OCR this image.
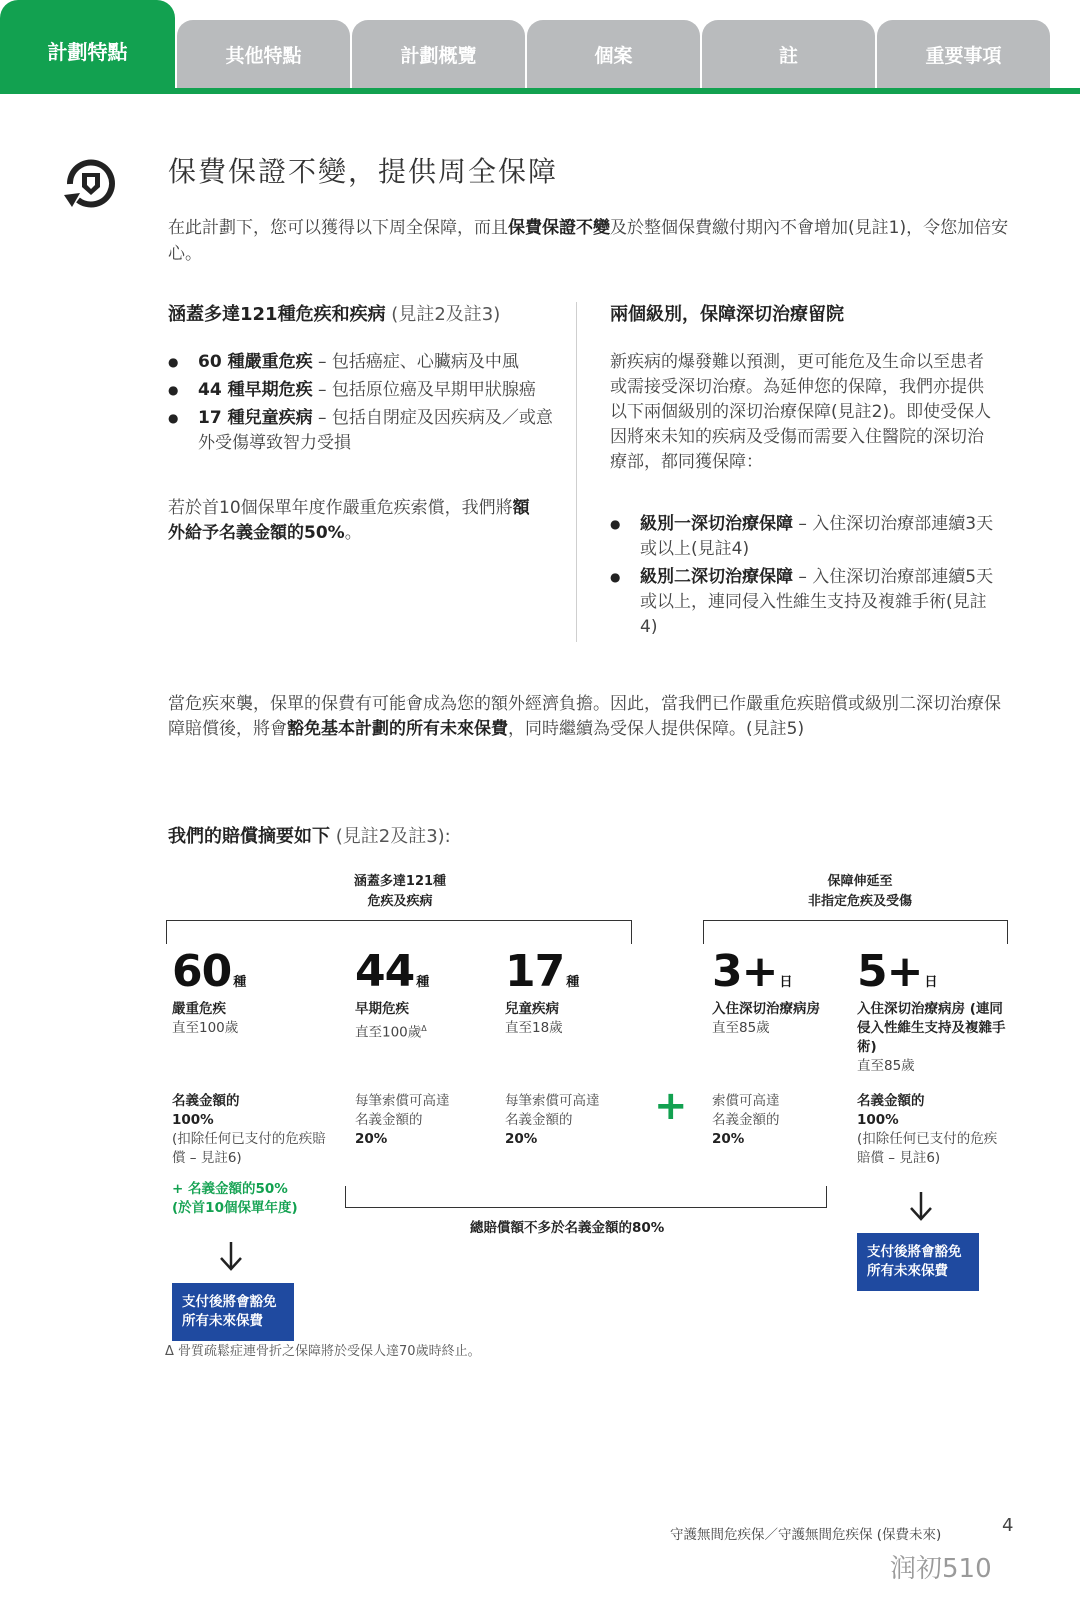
計劃特點	其他特點	計劃概覽	個案	註	重要事項
保費保證不變，提供周全保障
在此計劃下，您可以獲得以下周全保障，而且保費保證不變及於整個保費繳付期內不會增加(見註1)，令您加倍安心。
涵蓋多達121種危疾和疾病 (見註2及註3)
● 60 種嚴重危疾 – 包括癌症、心臟病及中風
● 44 種早期危疾 – 包括原位癌及早期甲狀腺癌
● 17 種兒童疾病 – 包括自閉症及因疾病及／或意外受傷導致智力受損
若於首10個保單年度作嚴重危疾索償，我們將額外給予名義金額的50%。
兩個級別，保障深切治療留院
新疾病的爆發難以預測，更可能危及生命以至患者或需接受深切治療。為延伸您的保障，我們亦提供以下兩個級別的深切治療保障(見註2)。即使受保人因將來未知的疾病及受傷而需要入住醫院的深切治療部，都同獲保障：
● 級別一深切治療保障 – 入住深切治療部連續3天或以上(見註4)
● 級別二深切治療保障 – 入住深切治療部連續5天或以上，連同侵入性維生支持及複雜手術(見註4)
當危疾來襲，保單的保費有可能會成為您的額外經濟負擔。因此，當我們已作嚴重危疾賠償或級別二深切治療保障賠償後，將會豁免基本計劃的所有未來保費，同時繼續為受保人提供保障。(見註5)
我們的賠償摘要如下 (見註2及註3):
涵蓋多達121種
危疾及疾病
保障伸延至
非指定危疾及受傷
60 種
嚴重危疾
直至100歲
44 種
早期危疾
直至100歲$^\Delta$
17 種
兒童疾病
直至18歲
3+ 日
入住深切治療病房
直至85歲
5+ 日
入住深切治療病房 (連同侵入性維生支持及複雜手術)
直至85歲
名義金額的
100%
(扣除任何已支付的危疾賠償 – 見註6)
每筆索償可高達
名義金額的
20%
每筆索償可高達
名義金額的
20%
+ 索償可高達
名義金額的
20%
名義金額的
100%
(扣除任何已支付的危疾賠償 – 見註6)
+ 名義金額的50%
(於首10個保單年度)
總賠償額不多於名義金額的80%
支付後將會豁免
所有未來保費
支付後將會豁免
所有未來保費
Δ 骨質疏鬆症連骨折之保障將於受保人達70歲時終止。
守護無間危疾保／守護無間危疾保 (保費未來)	4
润初510
